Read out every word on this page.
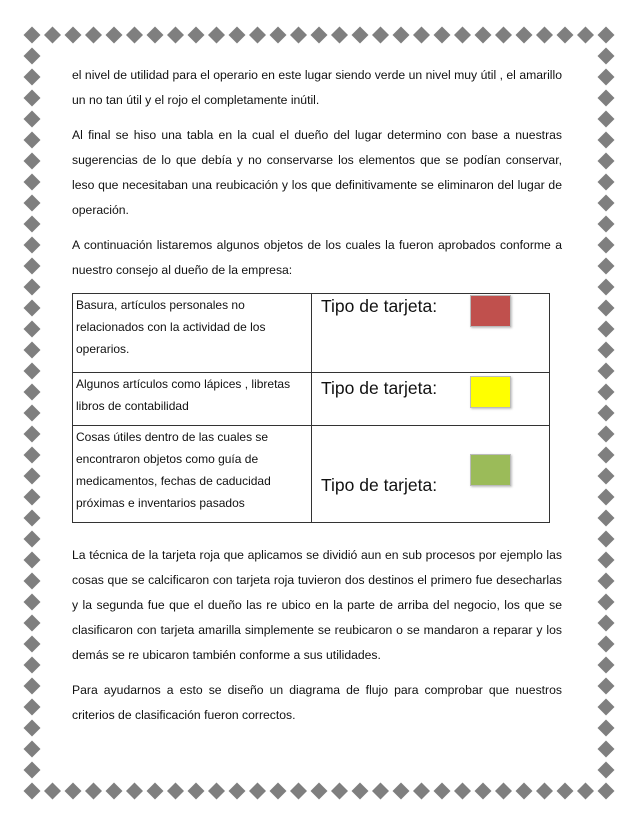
el nivel de utilidad para el operario en este lugar siendo verde un nivel muy útil , el amarillo un no tan útil y el rojo el completamente inútil.

Al final se hiso una tabla en la cual el dueño del lugar determino con base a nuestras sugerencias de lo que debía y no conservarse los elementos que se podían conservar, leso que necesitaban una reubicación y los que definitivamente se eliminaron del lugar de operación.

A continuación listaremos algunos objetos de los cuales la fueron aprobados conforme a nuestro consejo al dueño de la empresa:

Basura, artículos personales no relacionados con la actividad de los operarios.	Tipo de tarjeta:

Algunos artículos como lápices , libretas libros de contabilidad	Tipo de tarjeta:

Cosas útiles dentro de las cuales se encontraron objetos como guía de medicamentos, fechas de caducidad próximas e inventarios pasados	Tipo de tarjeta:

La técnica de la tarjeta roja que aplicamos se dividió aun en sub procesos por ejemplo las cosas que se calcificaron con tarjeta roja tuvieron dos destinos el primero fue desecharlas y la segunda fue que el dueño las re ubico en la parte de arriba del negocio, los que se clasificaron con tarjeta amarilla simplemente se reubicaron o se mandaron a reparar y los demás se re ubicaron también conforme a sus utilidades.

Para ayudarnos a esto se diseño un diagrama de flujo para comprobar que nuestros criterios de clasificación fueron correctos.
